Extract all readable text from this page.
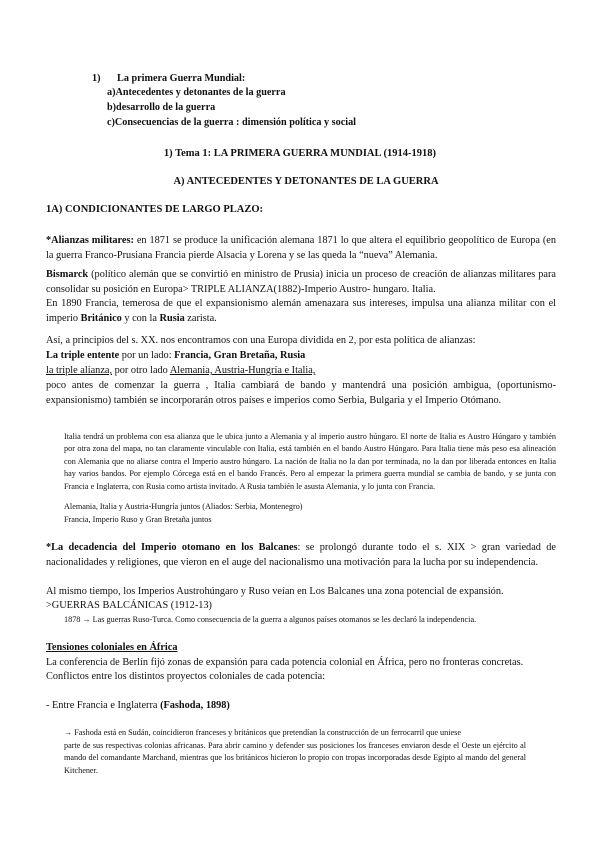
1) La primera Guerra Mundial:
a)Antecedentes y detonantes de la guerra
b)desarrollo de la guerra
c)Consecuencias de la guerra : dimensión política y social
1) Tema 1: LA PRIMERA GUERRA MUNDIAL (1914-1918)
A) ANTECEDENTES Y DETONANTES DE LA GUERRA
1A) CONDICIONANTES DE LARGO PLAZO:
*Alianzas militares: en 1871 se produce la unificación alemana 1871 lo que altera el equilibrio geopolítico de Europa (en la guerra Franco-Prusiana Francia pierde Alsacia y Lorena y se las queda la “nueva” Alemania.
Bismarck (político alemán que se convirtió en ministro de Prusia) inicia un proceso de creación de alianzas militares para consolidar su posición en Europa> TRIPLE ALIANZA(1882)-Imperio Austro- hungaro. Italia.
En 1890 Francia, temerosa de que el expansionismo alemán amenazara sus intereses, impulsa una alianza militar con el imperio Británico y con la Rusia zarista.
Así, a principios del s. XX. nos encontramos con una Europa dividida en 2, por esta política de alianzas:
La triple entente por un lado: Francia, Gran Bretaña, Rusia
la triple alianza, por otro lado Alemania, Austria-Hungría e Italia,
poco antes de comenzar la guerra , Italia cambiará de bando y mantendrá una posición ambigua, (oportunismo-expansionismo) también se incorporarán otros países e imperios como Serbia, Bulgaria y el Imperio Otómano.
Italia tendrá un problema con esa alianza que le ubica junto a Alemania y al imperio austro húngaro. El norte de Italia es Austro Húngaro y también por otra zona del mapa, no tan claramente vinculable con Italia, está también en el bando Austro Húngaro. Para Italia tiene más peso esa alineación con Alemania que no aliarse contra el Imperio austro húngaro. La nación de Italia no la dan por terminada, no la dan por liberada entonces en Italia hay varios bandos. Por ejemplo Córcega está en el bando Francés. Pero al empezar la primera guerra mundial se cambia de bando, y se junta con Francia e Inglaterra, con Rusia como artista invitado. A Rusia también le asusta Alemania, y lo junta con Francia.
Alemania, Italia y Austria-Hungría juntos (Aliados: Serbia, Montenegro)
Francia, Imperio Ruso y Gran Bretaña juntos
*La decadencia del Imperio otomano en los Balcanes: se prolongó durante todo el s. XIX > gran variedad de nacionalidades y religiones, que vieron en el auge del nacionalismo una motivación para la lucha por su independencia.
Al mismo tiempo, los Imperios Austrohúngaro y Ruso veían en Los Balcanes una zona potencial de expansión.
>GUERRAS BALCÁNICAS (1912-13)
1878 → Las guerras Ruso-Turca. Como consecuencia de la guerra a algunos países otomanos se les declaró la independencia.
Tensiones coloniales en África
La conferencia de Berlín fijó zonas de expansión para cada potencia colonial en África, pero no fronteras concretas.
Conflictos entre los distintos proyectos coloniales de cada potencia:
- Entre Francia e Inglaterra (Fashoda, 1898)
→ Fashoda está en Sudán, coincidieron franceses y británicos que pretendían la construcción de un ferrocarril que uniese
parte de sus respectivas colonias africanas. Para abrir camino y defender sus posiciones los franceses enviaron desde el Oeste un ejército al mando del comandante Marchand, mientras que los británicos hicieron lo propio con tropas incorporadas desde Egipto al mando del general Kitchener.
